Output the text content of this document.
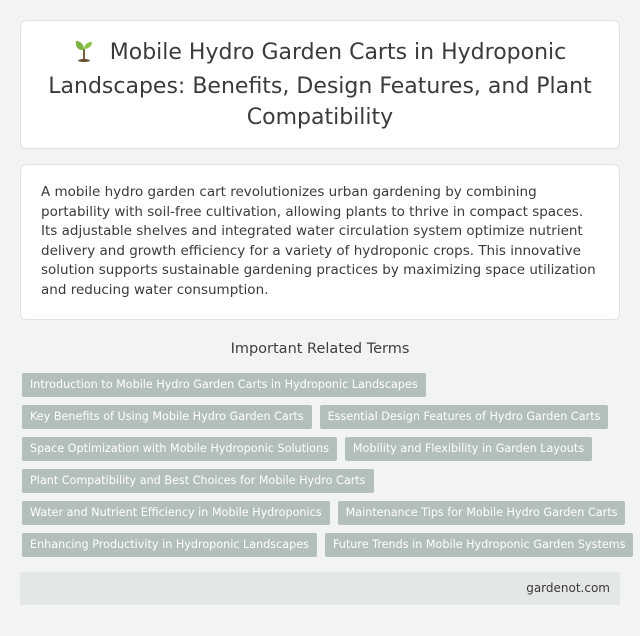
Mobile Hydro Garden Carts in Hydroponic Landscapes: Benefits, Design Features, and Plant Compatibility

A mobile hydro garden cart revolutionizes urban gardening by combining portability with soil-free cultivation, allowing plants to thrive in compact spaces. Its adjustable shelves and integrated water circulation system optimize nutrient delivery and growth efficiency for a variety of hydroponic crops. This innovative solution supports sustainable gardening practices by maximizing space utilization and reducing water consumption.

Important Related Terms
Introduction to Mobile Hydro Garden Carts in Hydroponic Landscapes
Key Benefits of Using Mobile Hydro Garden Carts	Essential Design Features of Hydro Garden Carts
Space Optimization with Mobile Hydroponic Solutions	Mobility and Flexibility in Garden Layouts
Plant Compatibility and Best Choices for Mobile Hydro Carts
Water and Nutrient Efficiency in Mobile Hydroponics	Maintenance Tips for Mobile Hydro Garden Carts
Enhancing Productivity in Hydroponic Landscapes	Future Trends in Mobile Hydroponic Garden Systems
gardenot.com
